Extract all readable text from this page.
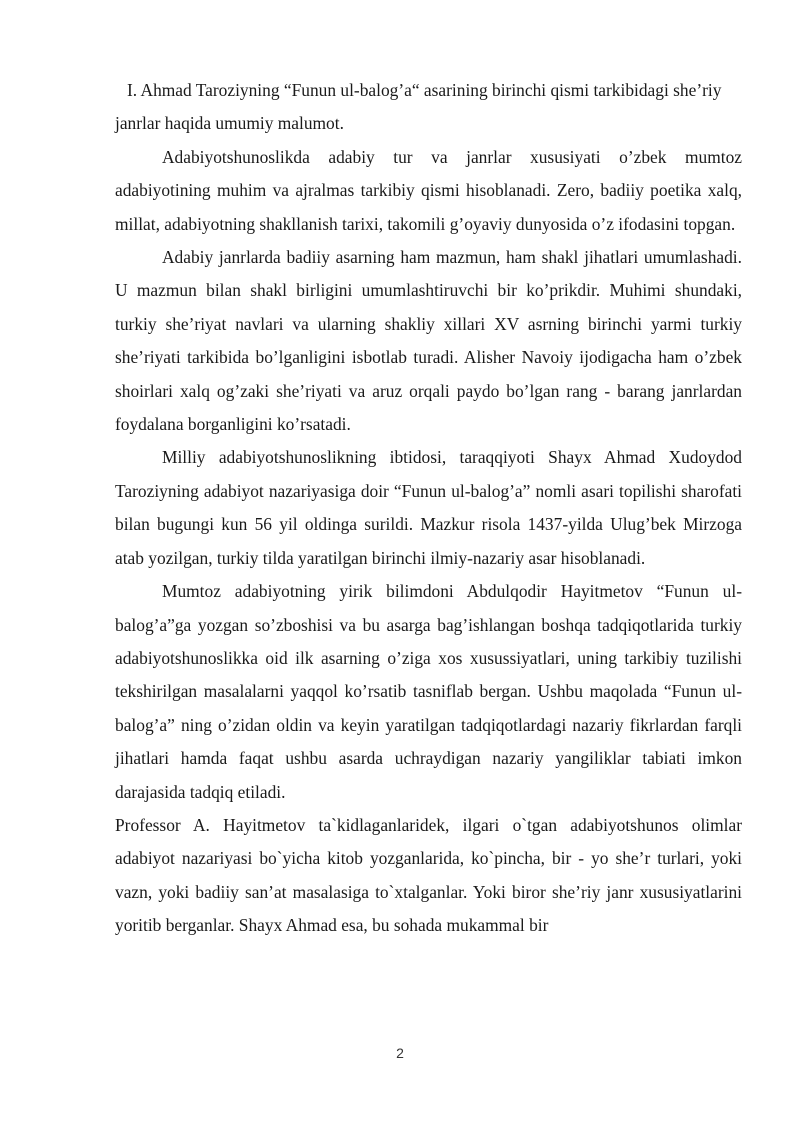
I. Ahmad Taroziyning “Funun ul-balog’a“ asarining birinchi qismi tarkibidagi she’riy janrlar haqida umumiy malumot.

Adabiyotshunoslikda adabiy tur va janrlar xususiyati o’zbek mumtoz adabiyotining muhim va ajralmas tarkibiy qismi hisoblanadi. Zero, badiiy poetika xalq, millat, adabiyotning shakllanish tarixi, takomili g’oyaviy dunyosida o’z ifodasini topgan.

Adabiy janrlarda badiiy asarning ham mazmun, ham shakl jihatlari umumlashadi. U mazmun bilan shakl birligini umumlashtiruvchi bir ko’prikdir. Muhimi shundaki, turkiy she’riyat navlari va ularning shakliy xillari XV asrning birinchi yarmi turkiy she’riyati tarkibida bo’lganligini isbotlab turadi. Alisher Navoiy ijodigacha ham o’zbek shoirlari xalq og’zaki she’riyati va aruz orqali paydo bo’lgan rang - barang janrlardan foydalana borganligini ko’rsatadi.

Milliy adabiyotshunoslikning ibtidosi, taraqqiyoti Shayx Ahmad Xudoydod Taroziyning adabiyot nazariyasiga doir “Funun ul-balog’a” nomli asari topilishi sharofati bilan bugungi kun 56 yil oldinga surildi. Mazkur risola 1437-yilda Ulug’bek Mirzoga atab yozilgan, turkiy tilda yaratilgan birinchi ilmiy-nazariy asar hisoblanadi.

Mumtoz adabiyotning yirik bilimdoni Abdulqodir Hayitmetov “Funun ul-balog’a”ga yozgan so’zboshisi va bu asarga bag’ishlangan boshqa tadqiqotlarida turkiy adabiyotshunoslikka oid ilk asarning o’ziga xos xusussiyatlari, uning tarkibiy tuzilishi tekshirilgan masalalarni yaqqol ko’rsatib tasniflab bergan. Ushbu maqolada “Funun ul-balog’a” ning o’zidan oldin va keyin yaratilgan tadqiqotlardagi nazariy fikrlardan farqli jihatlari hamda faqat ushbu asarda uchraydigan nazariy yangiliklar tabiati imkon darajasida tadqiq etiladi.

Professor A. Hayitmetov ta`kidlaganlaridek, ilgari o`tgan adabiyotshunos olimlar adabiyot nazariyasi bo`yicha kitob yozganlarida, ko`pincha, bir - yo she’r turlari, yoki vazn, yoki badiiy san’at masalasiga to`xtalganlar. Yoki biror she’riy janr xususiyatlarini yoritib berganlar. Shayx Ahmad esa, bu sohada mukammal bir

2
